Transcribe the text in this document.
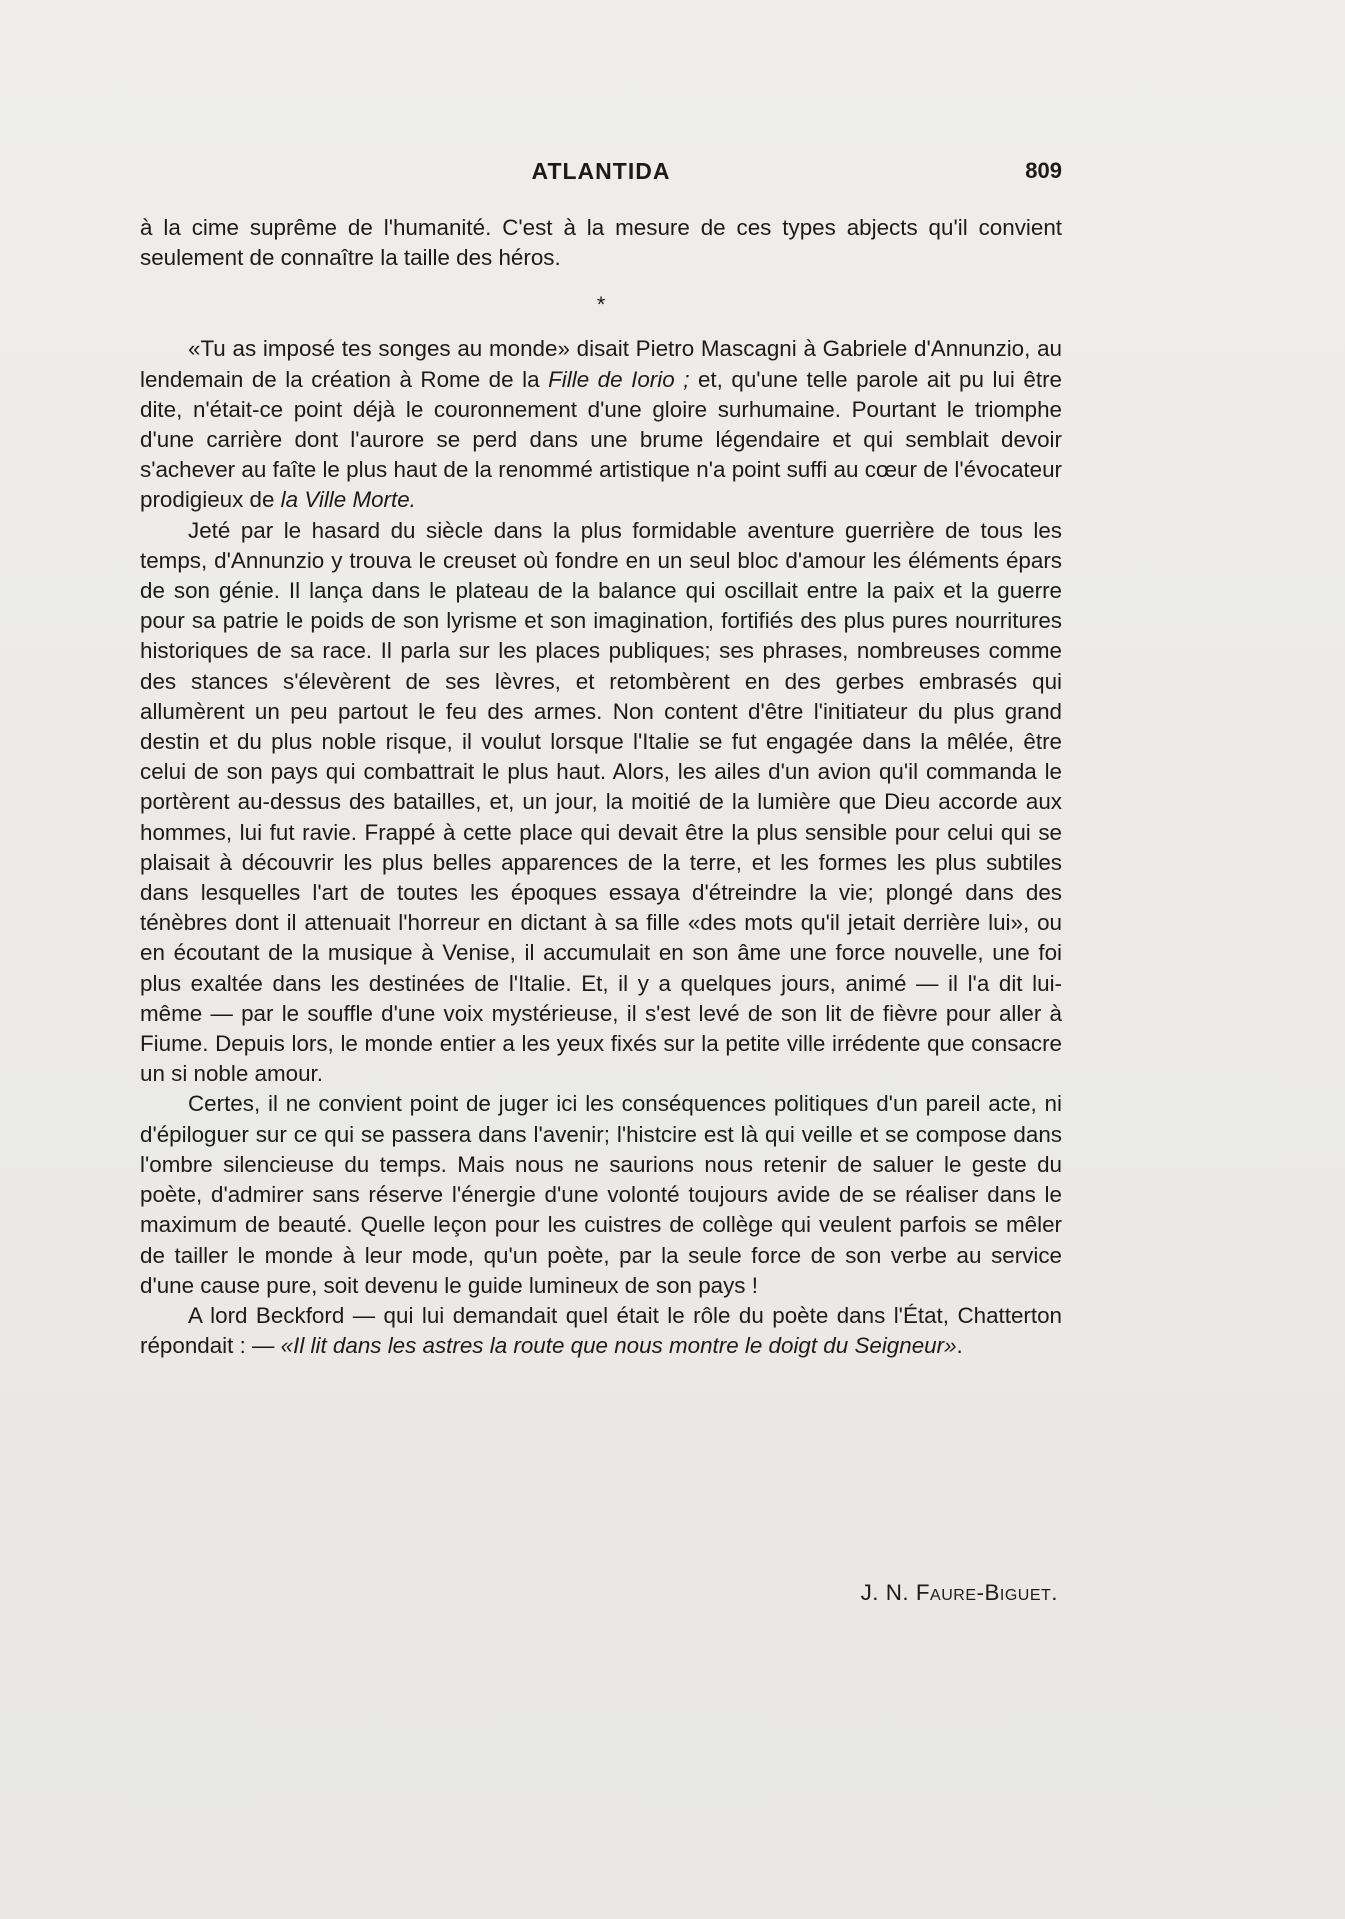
ATLANTIDA	809

à la cime suprême de l'humanité. C'est à la mesure de ces types abjects qu'il convient seulement de connaître la taille des héros.

*

«Tu as imposé tes songes au monde» disait Pietro Mascagni à Gabriele d'Annunzio, au lendemain de la création à Rome de la Fille de Iorio ; et, qu'une telle parole ait pu lui être dite, n'était-ce point déjà le couronnement d'une gloire surhumaine. Pourtant le triomphe d'une carrière dont l'aurore se perd dans une brume légendaire et qui semblait devoir s'achever au faîte le plus haut de la renommé artistique n'a point suffi au cœur de l'évocateur prodigieux de la Ville Morte.

Jeté par le hasard du siècle dans la plus formidable aventure guerrière de tous les temps, d'Annunzio y trouva le creuset où fondre en un seul bloc d'amour les éléments épars de son génie. Il lança dans le plateau de la balance qui oscillait entre la paix et la guerre pour sa patrie le poids de son lyrisme et son imagination, fortifiés des plus pures nourritures historiques de sa race. Il parla sur les places publiques; ses phrases, nombreuses comme des stances s'élevèrent de ses lèvres, et retombèrent en des gerbes embrasés qui allumèrent un peu partout le feu des armes. Non content d'être l'initiateur du plus grand destin et du plus noble risque, il voulut lorsque l'Italie se fut engagée dans la mêlée, être celui de son pays qui combattrait le plus haut. Alors, les ailes d'un avion qu'il commanda le portèrent au-dessus des batailles, et, un jour, la moitié de la lumière que Dieu accorde aux hommes, lui fut ravie. Frappé à cette place qui devait être la plus sensible pour celui qui se plaisait à découvrir les plus belles apparences de la terre, et les formes les plus subtiles dans lesquelles l'art de toutes les époques essaya d'étreindre la vie; plongé dans des ténèbres dont il attenuait l'horreur en dictant à sa fille «des mots qu'il jetait derrière lui», ou en écoutant de la musique à Venise, il accumulait en son âme une force nouvelle, une foi plus exaltée dans les destinées de l'Italie. Et, il y a quelques jours, animé — il l'a dit lui-même — par le souffle d'une voix mystérieuse, il s'est levé de son lit de fièvre pour aller à Fiume. Depuis lors, le monde entier a les yeux fixés sur la petite ville irrédente que consacre un si noble amour.

Certes, il ne convient point de juger ici les conséquences politiques d'un pareil acte, ni d'épiloguer sur ce qui se passera dans l'avenir; l'histcire est là qui veille et se compose dans l'ombre silencieuse du temps. Mais nous ne saurions nous retenir de saluer le geste du poète, d'admirer sans réserve l'énergie d'une volonté toujours avide de se réaliser dans le maximum de beauté. Quelle leçon pour les cuistres de collège qui veulent parfois se mêler de tailler le monde à leur mode, qu'un poète, par la seule force de son verbe au service d'une cause pure, soit devenu le guide lumineux de son pays !

A lord Beckford — qui lui demandait quel était le rôle du poète dans l'État, Chatterton répondait : — «Il lit dans les astres la route que nous montre le doigt du Seigneur».

J. N. Faure-Biguet.
